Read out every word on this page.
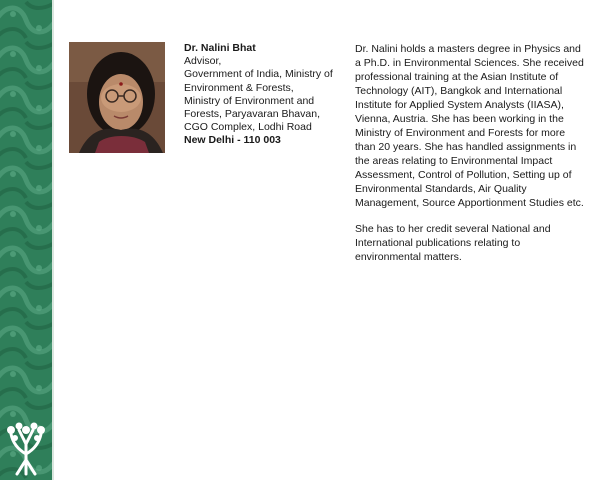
Dr. Nalini Bhat
Advisor,
Government of India, Ministry of
Environment & Forests,
Ministry of Environment and
Forests, Paryavaran Bhavan,
CGO Complex, Lodhi Road
New Delhi - 110 003

Dr. Nalini holds a masters degree in Physics and a Ph.D. in Environmental Sciences. She received professional training at the Asian Institute of Technology (AIT), Bangkok and International Institute for Applied System Analysts (IIASA), Vienna, Austria. She has been working in the Ministry of Environment and Forests for more than 20 years. She has handled assignments in the areas relating to Environmental Impact Assessment, Control of Pollution, Setting up of Environmental Standards, Air Quality Management, Source Apportionment Studies etc.

She has to her credit several National and International publications relating to environmental matters.
